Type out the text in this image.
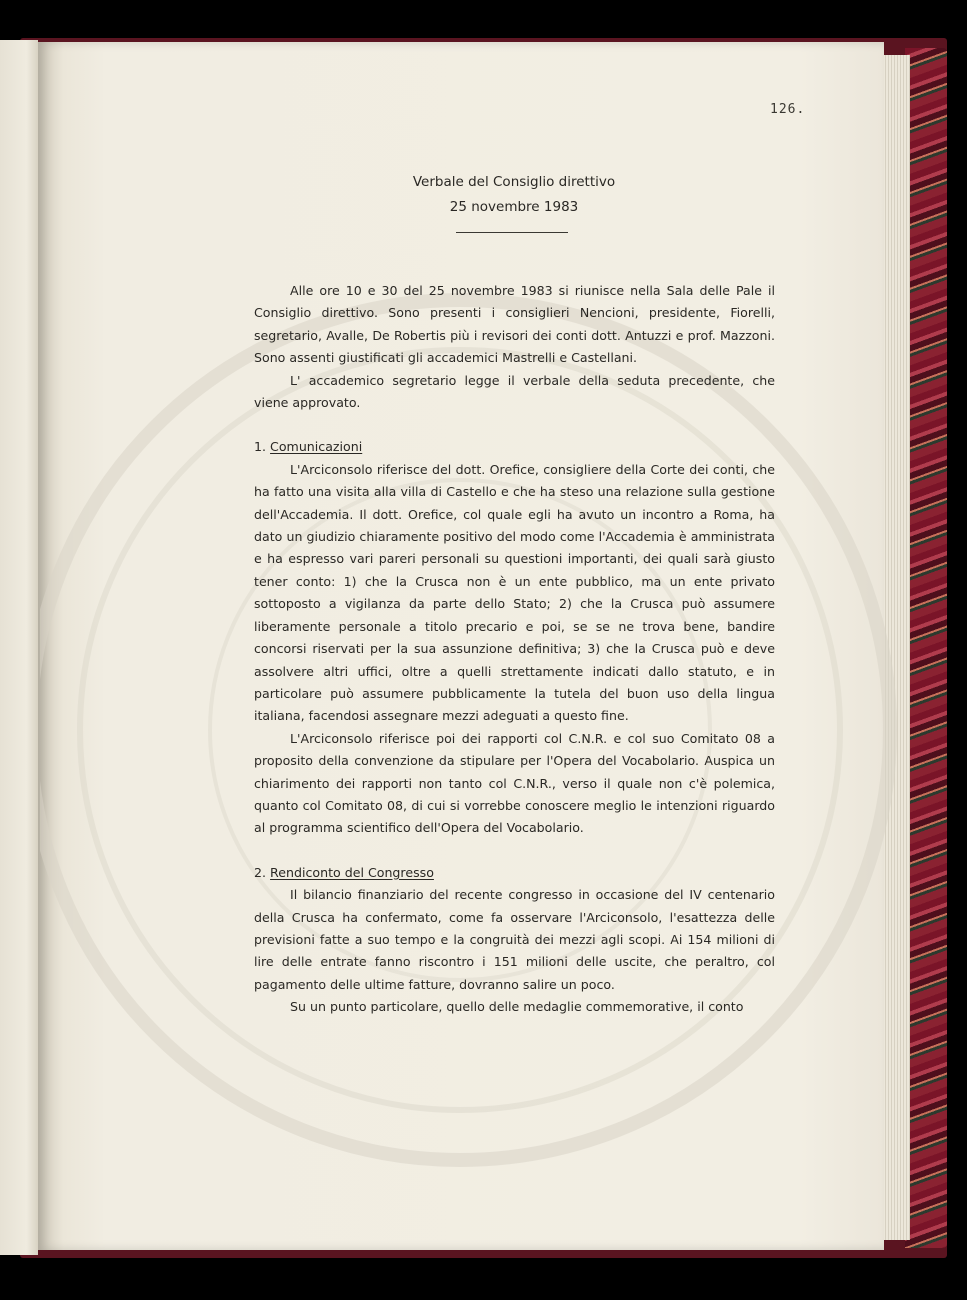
126.
Verbale del Consiglio direttivo
25 novembre 1983

Alle ore 10 e 30 del 25 novembre 1983 si riunisce nella Sala delle Pale il Consiglio direttivo. Sono presenti i consiglieri Nencioni, presidente, Fiorelli, segretario, Avalle, De Robertis più i revisori dei conti dott. Antuzzi e prof. Mazzoni. Sono assenti giustificati gli accademici Mastrelli e Castellani.

L' accademico segretario legge il verbale della seduta precedente, che viene approvato.

1. Comunicazioni

L'Arciconsolo riferisce del dott. Orefice, consigliere della Corte dei conti, che ha fatto una visita alla villa di Castello e che ha steso una relazione sulla gestione dell'Accademia. Il dott. Orefice, col quale egli ha avuto un incontro a Roma, ha dato un giudizio chiaramente positivo del modo come l'Accademia è amministrata e ha espresso vari pareri personali su questioni importanti, dei quali sarà giusto tener conto: 1) che la Crusca non è un ente pubblico, ma un ente privato sottoposto a vigilanza da parte dello Stato; 2) che la Crusca può assumere liberamente personale a titolo precario e poi, se se ne trova bene, bandire concorsi riservati per la sua assunzione definitiva; 3) che la Crusca può e deve assolvere altri uffici, oltre a quelli strettamente indicati dallo statuto, e in particolare può assumere pubblicamente la tutela del buon uso della lingua italiana, facendosi assegnare mezzi adeguati a questo fine.

L'Arciconsolo riferisce poi dei rapporti col C.N.R. e col suo Comitato 08 a proposito della convenzione da stipulare per l'Opera del Vocabolario. Auspica un chiarimento dei rapporti non tanto col C.N.R., verso il quale non c'è polemica, quanto col Comitato 08, di cui si vorrebbe conoscere meglio le intenzioni riguardo al programma scientifico dell'Opera del Vocabolario.

2. Rendiconto del Congresso

Il bilancio finanziario del recente congresso in occasione del IV centenario della Crusca ha confermato, come fa osservare l'Arciconsolo, l'esattezza delle previsioni fatte a suo tempo e la congruità dei mezzi agli scopi. Ai 154 milioni di lire delle entrate fanno riscontro i 151 milioni delle uscite, che peraltro, col pagamento delle ultime fatture, dovranno salire un poco.

Su un punto particolare, quello delle medaglie commemorative, il conto
